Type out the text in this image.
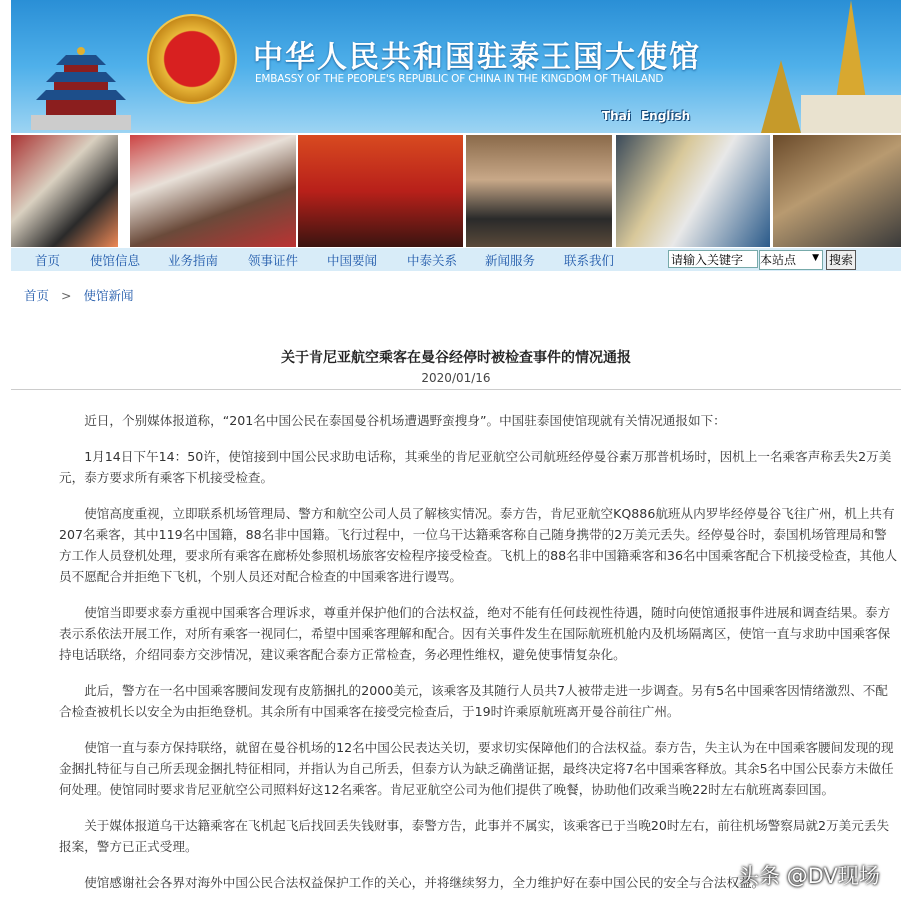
中华人民共和国驻泰王国大使馆
EMBASSY OF THE PEOPLE'S REPUBLIC OF CHINA IN THE KINGDOM OF THAILAND
Thai English
首页 使馆信息 业务指南 领事证件 中国要闻 中泰关系 新闻服务 联系我们	请输入关键字	本站点 ▼ 搜索
首页 > 使馆新闻
关于肯尼亚航空乘客在曼谷经停时被检查事件的情况通报
2020/01/16

近日，个别媒体报道称，“201名中国公民在泰国曼谷机场遭遇野蛮搜身”。中国驻泰国使馆现就有关情况通报如下：

1月14日下午14：50许，使馆接到中国公民求助电话称，其乘坐的肯尼亚航空公司航班经停曼谷素万那普机场时，因机上一名乘客声称丢失2万美元，泰方要求所有乘客下机接受检查。

使馆高度重视，立即联系机场管理局、警方和航空公司人员了解核实情况。泰方告，肯尼亚航空KQ886航班从内罗毕经停曼谷飞往广州，机上共有207名乘客，其中119名中国籍，88名非中国籍。飞行过程中，一位乌干达籍乘客称自己随身携带的2万美元丢失。经停曼谷时，泰国机场管理局和警方工作人员登机处理，要求所有乘客在廊桥处参照机场旅客安检程序接受检查。飞机上的88名非中国籍乘客和36名中国乘客配合下机接受检查，其他人员不愿配合并拒绝下飞机，个别人员还对配合检查的中国乘客进行谩骂。

使馆当即要求泰方重视中国乘客合理诉求，尊重并保护他们的合法权益，绝对不能有任何歧视性待遇，随时向使馆通报事件进展和调查结果。泰方表示系依法开展工作，对所有乘客一视同仁，希望中国乘客理解和配合。因有关事件发生在国际航班机舱内及机场隔离区，使馆一直与求助中国乘客保持电话联络，介绍同泰方交涉情况，建议乘客配合泰方正常检查，务必理性维权，避免使事情复杂化。

此后，警方在一名中国乘客腰间发现有皮筋捆扎的2000美元，该乘客及其随行人员共7人被带走进一步调查。另有5名中国乘客因情绪激烈、不配合检查被机长以安全为由拒绝登机。其余所有中国乘客在接受完检查后，于19时许乘原航班离开曼谷前往广州。

使馆一直与泰方保持联络，就留在曼谷机场的12名中国公民表达关切，要求切实保障他们的合法权益。泰方告，失主认为在中国乘客腰间发现的现金捆扎特征与自己所丢现金捆扎特征相同，并指认为自己所丢，但泰方认为缺乏确凿证据，最终决定将7名中国乘客释放。其余5名中国公民泰方未做任何处理。使馆同时要求肯尼亚航空公司照料好这12名乘客。肯尼亚航空公司为他们提供了晚餐，协助他们改乘当晚22时左右航班离泰回国。

关于媒体报道乌干达籍乘客在飞机起飞后找回丢失钱财事，泰警方告，此事并不属实，该乘客已于当晚20时左右，前往机场警察局就2万美元丢失报案，警方已正式受理。

使馆感谢社会各界对海外中国公民合法权益保护工作的关心，并将继续努力，全力维护好在泰中国公民的安全与合法权益。

头条 @DV现场
